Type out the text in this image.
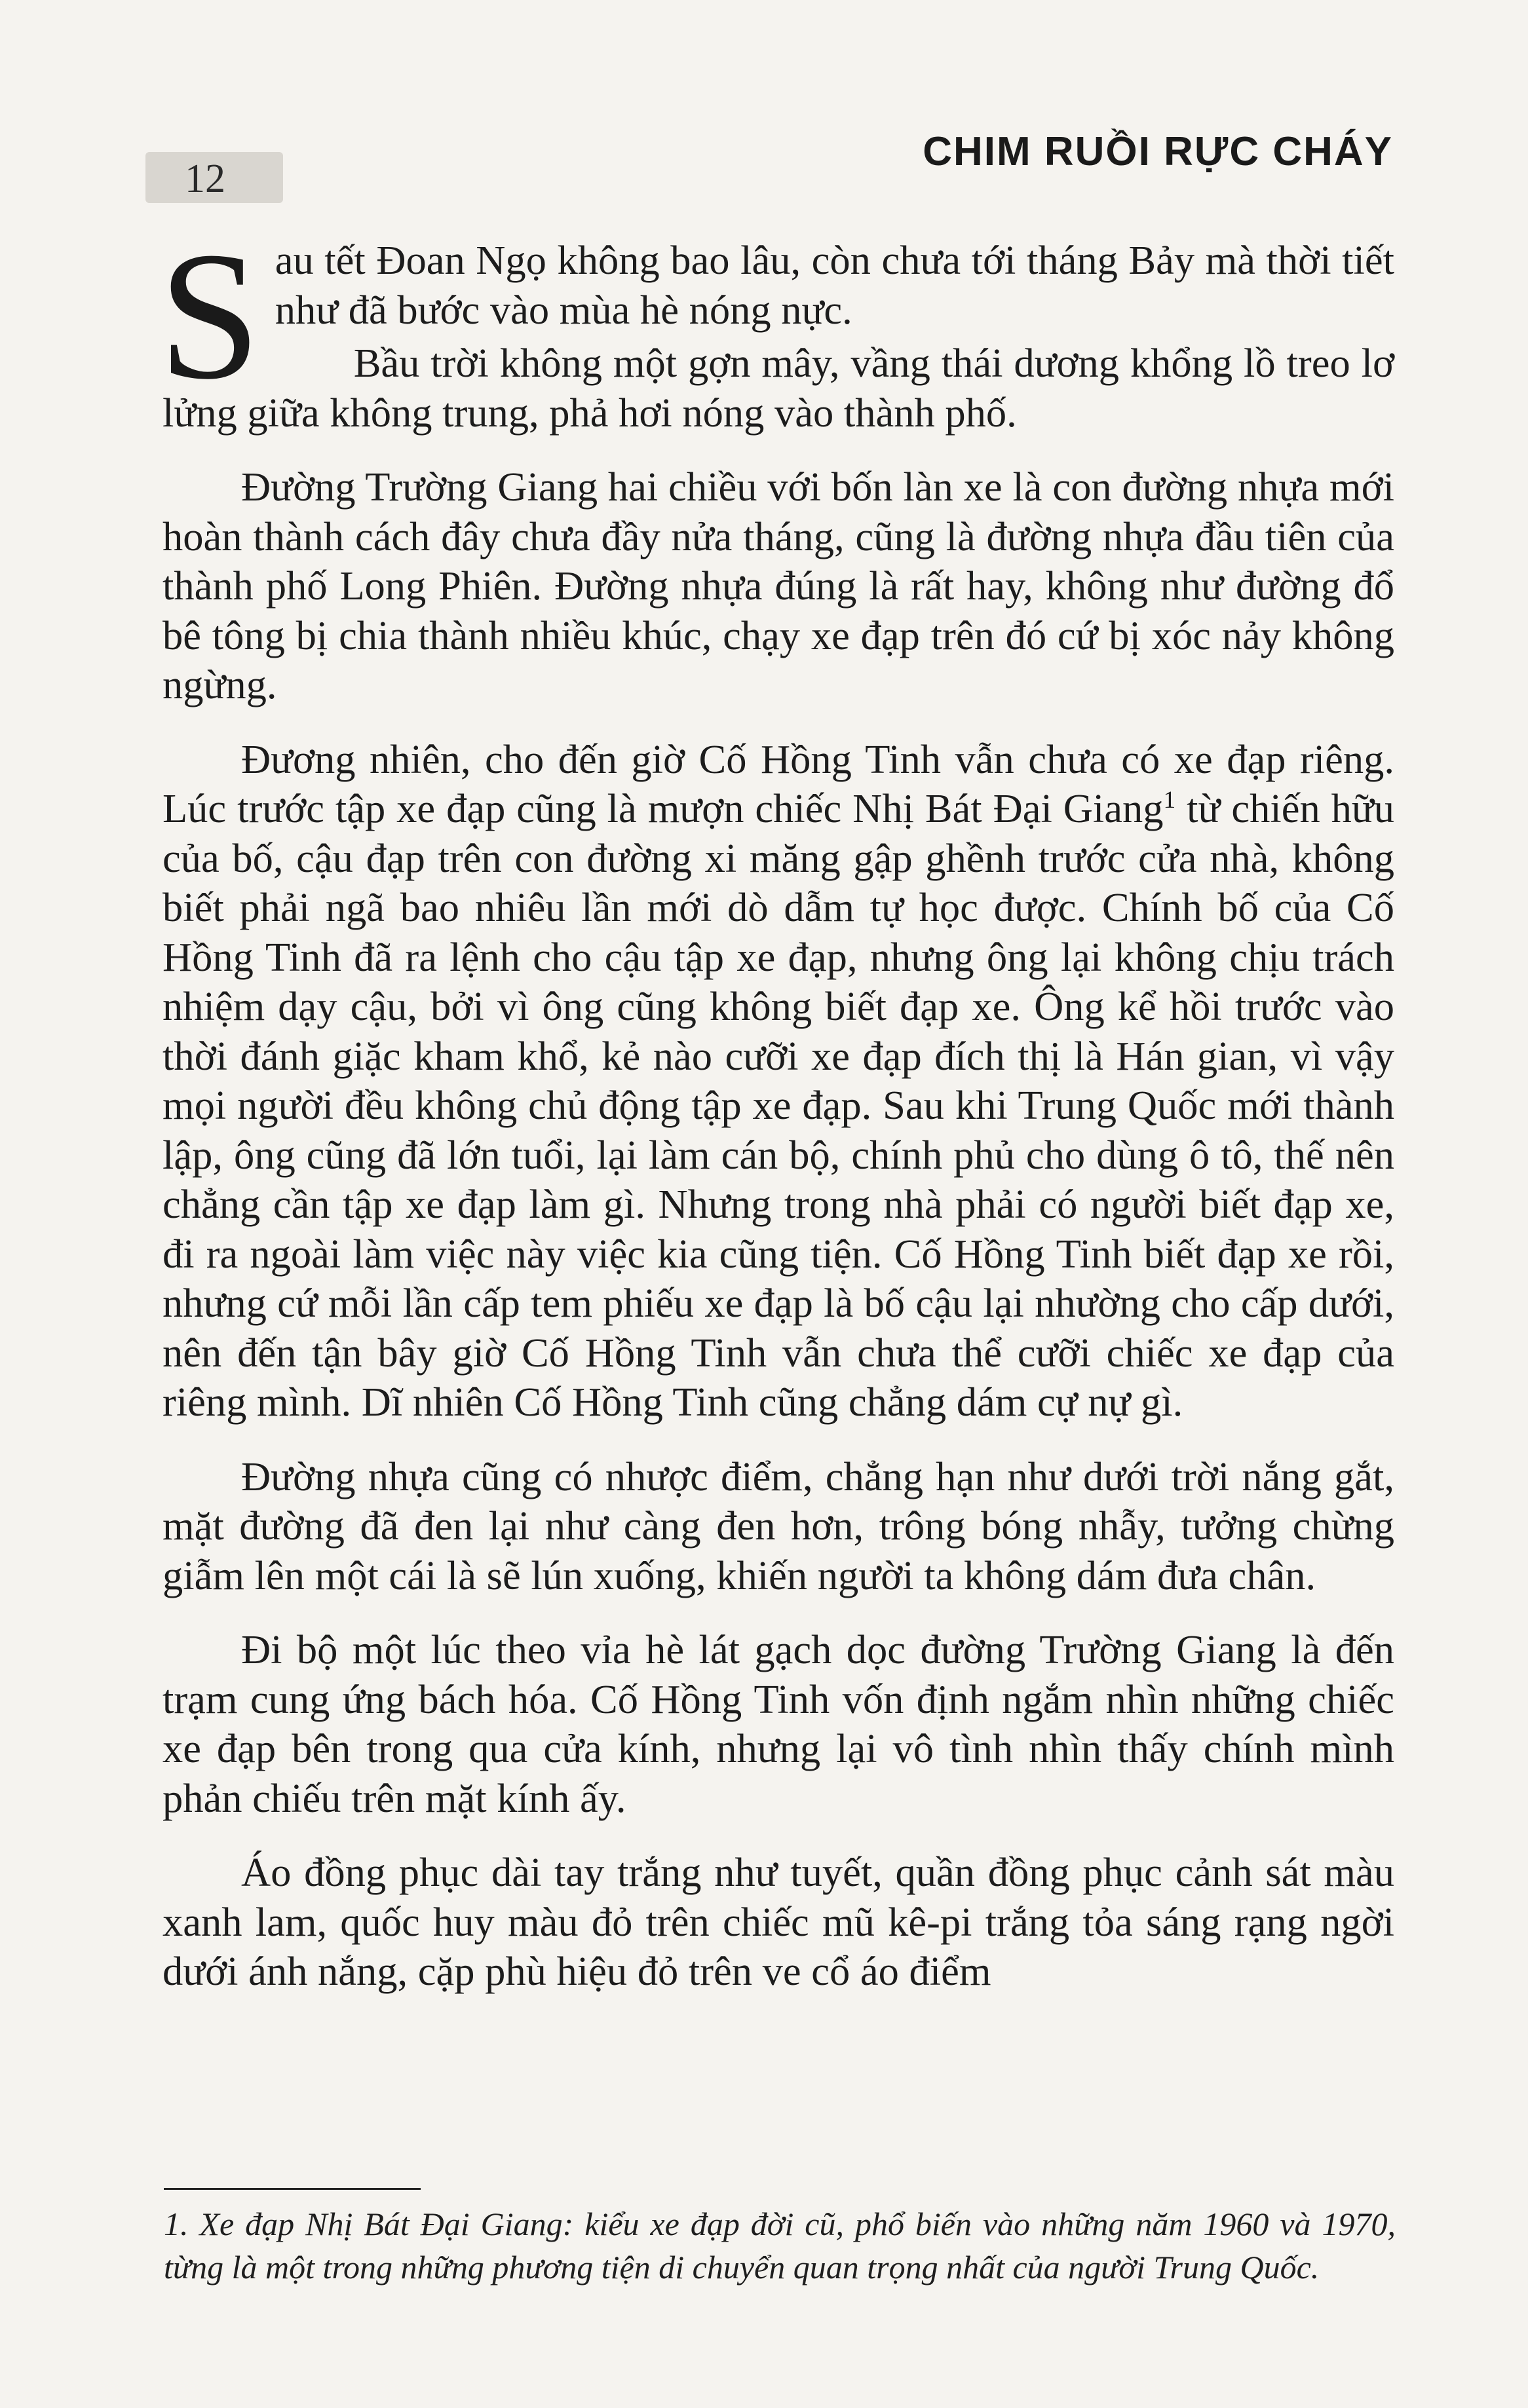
12
CHIM RUỒI RỰC CHÁY

Sau tết Đoan Ngọ không bao lâu, còn chưa tới tháng Bảy mà thời tiết như đã bước vào mùa hè nóng nực.

Bầu trời không một gợn mây, vầng thái dương khổng lồ treo lơ lửng giữa không trung, phả hơi nóng vào thành phố.

Đường Trường Giang hai chiều với bốn làn xe là con đường nhựa mới hoàn thành cách đây chưa đầy nửa tháng, cũng là đường nhựa đầu tiên của thành phố Long Phiên. Đường nhựa đúng là rất hay, không như đường đổ bê tông bị chia thành nhiều khúc, chạy xe đạp trên đó cứ bị xóc nảy không ngừng.

Đương nhiên, cho đến giờ Cố Hồng Tinh vẫn chưa có xe đạp riêng. Lúc trước tập xe đạp cũng là mượn chiếc Nhị Bát Đại Giang$^1$ từ chiến hữu của bố, cậu đạp trên con đường xi măng gập ghềnh trước cửa nhà, không biết phải ngã bao nhiêu lần mới dò dẫm tự học được. Chính bố của Cố Hồng Tinh đã ra lệnh cho cậu tập xe đạp, nhưng ông lại không chịu trách nhiệm dạy cậu, bởi vì ông cũng không biết đạp xe. Ông kể hồi trước vào thời đánh giặc kham khổ, kẻ nào cưỡi xe đạp đích thị là Hán gian, vì vậy mọi người đều không chủ động tập xe đạp. Sau khi Trung Quốc mới thành lập, ông cũng đã lớn tuổi, lại làm cán bộ, chính phủ cho dùng ô tô, thế nên chẳng cần tập xe đạp làm gì. Nhưng trong nhà phải có người biết đạp xe, đi ra ngoài làm việc này việc kia cũng tiện. Cố Hồng Tinh biết đạp xe rồi, nhưng cứ mỗi lần cấp tem phiếu xe đạp là bố cậu lại nhường cho cấp dưới, nên đến tận bây giờ Cố Hồng Tinh vẫn chưa thể cưỡi chiếc xe đạp của riêng mình. Dĩ nhiên Cố Hồng Tinh cũng chẳng dám cự nự gì.

Đường nhựa cũng có nhược điểm, chẳng hạn như dưới trời nắng gắt, mặt đường đã đen lại như càng đen hơn, trông bóng nhẫy, tưởng chừng giẫm lên một cái là sẽ lún xuống, khiến người ta không dám đưa chân.

Đi bộ một lúc theo vỉa hè lát gạch dọc đường Trường Giang là đến trạm cung ứng bách hóa. Cố Hồng Tinh vốn định ngắm nhìn những chiếc xe đạp bên trong qua cửa kính, nhưng lại vô tình nhìn thấy chính mình phản chiếu trên mặt kính ấy.

Áo đồng phục dài tay trắng như tuyết, quần đồng phục cảnh sát màu xanh lam, quốc huy màu đỏ trên chiếc mũ kê-pi trắng tỏa sáng rạng ngời dưới ánh nắng, cặp phù hiệu đỏ trên ve cổ áo điểm

1. Xe đạp Nhị Bát Đại Giang: kiểu xe đạp đời cũ, phổ biến vào những năm 1960 và 1970, từng là một trong những phương tiện di chuyển quan trọng nhất của người Trung Quốc.
